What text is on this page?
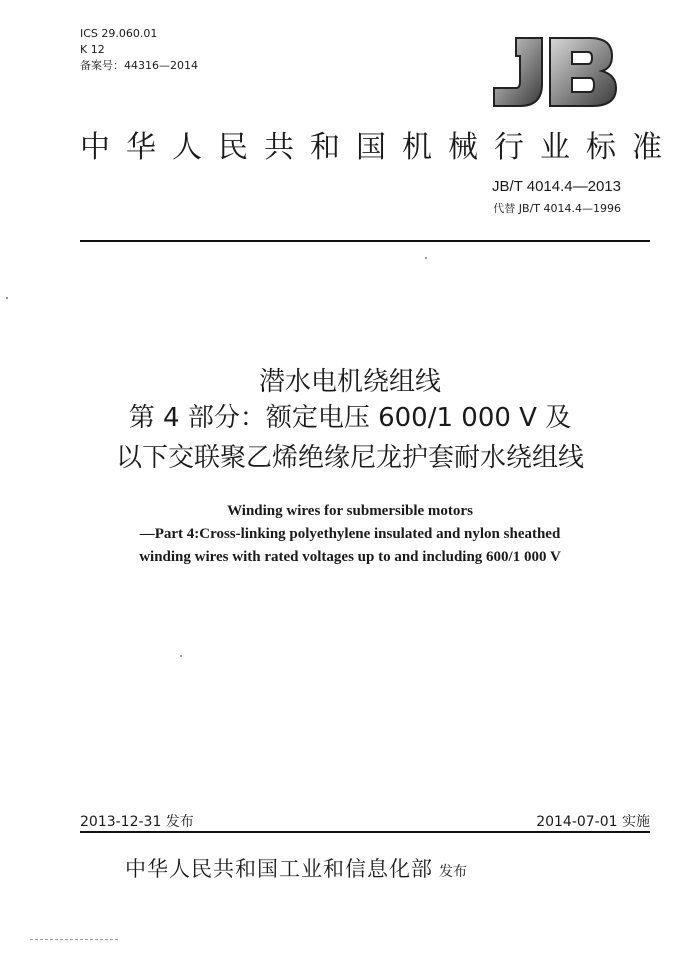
ICS 29.060.01
K 12
备案号：44316—2014
中华人民共和国机械行业标准
JB/T 4014.4—2013
代替 JB/T 4014.4—1996
潜水电机绕组线
第 4 部分：额定电压 600/1 000 V 及
以下交联聚乙烯绝缘尼龙护套耐水绕组线
Winding wires for submersible motors
—Part 4:Cross-linking polyethylene insulated and nylon sheathed
winding wires with rated voltages up to and including 600/1 000 V
2013-12-31 发布	2014-07-01 实施
中华人民共和国工业和信息化部 发布
